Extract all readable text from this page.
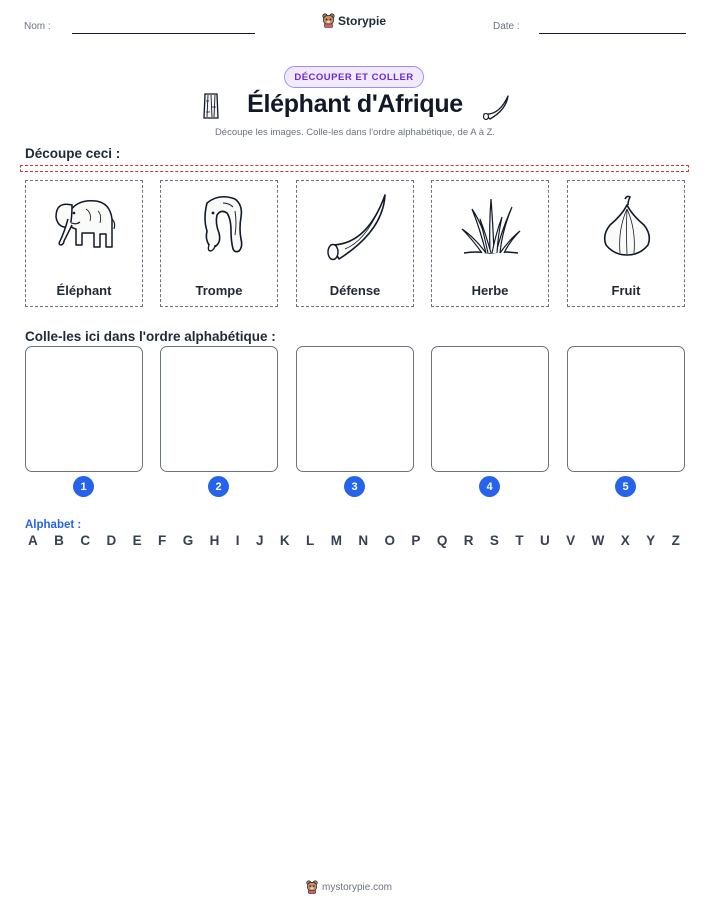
Nom :	Storypie	Date :
DÉCOUPER ET COLLER
Éléphant d'Afrique
Découpe les images. Colle-les dans l'ordre alphabétique, de A à Z.
Découpe ceci :
Éléphant	Trompe	Défense	Herbe	Fruit
Colle-les ici dans l'ordre alphabétique :
1	2	3	4	5
Alphabet :
A B C D E F G H I J K L M N O P Q R S T U V W X Y Z
mystorypie.com
